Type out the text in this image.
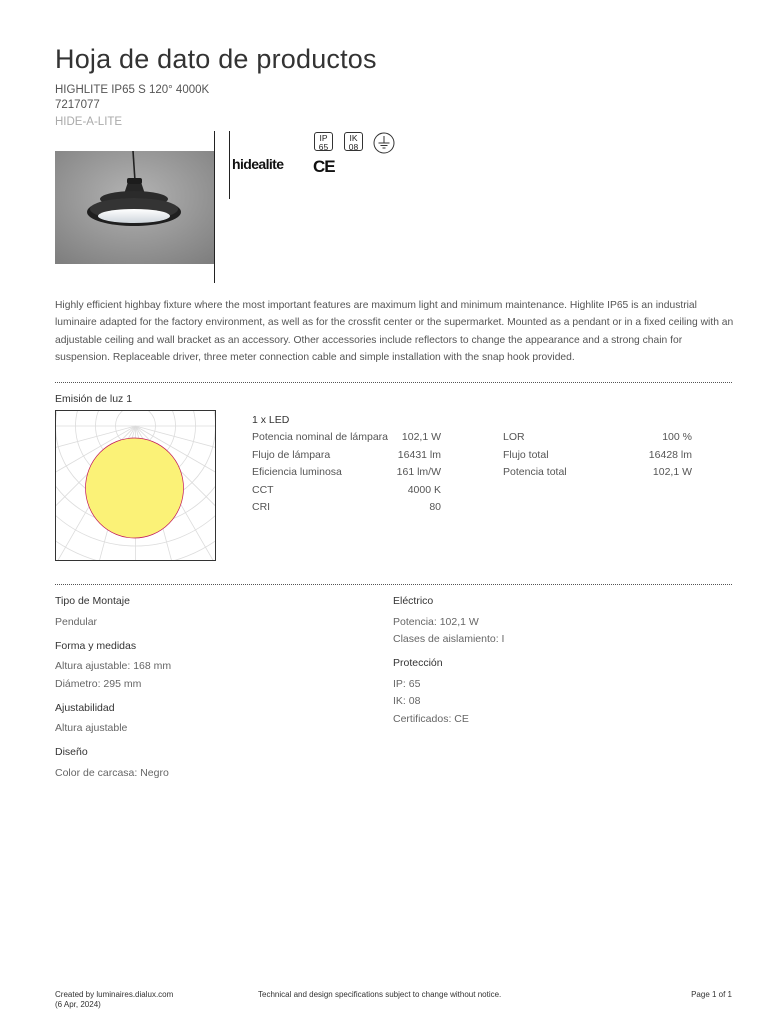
Hoja de dato de productos
HIGHLITE IP65 S 120° 4000K
7217077
HIDE-A-LITE
hidealite
IP
65
IK
08
CE

Highly efficient highbay fixture where the most important features are maximum light and minimum maintenance. Highlite IP65 is an industrial luminaire adapted for the factory environment, as well as for the crossfit center or the supermarket. Mounted as a pendant or in a fixed ceiling with an adjustable ceiling and wall bracket as an accessory. Other accessories include reflectors to change the appearance and a strong chain for suspension. Replaceable driver, three meter connection cable and simple installation with the snap hook provided.

Emisión de luz 1
1 x LED
Potencia nominal de lámpara 102,1 W
Flujo de lámpara	16431 lm
Eficiencia luminosa	161 lm/W
CCT	4000 K
CRI	80
LOR	100 %
Flujo total	16428 lm
Potencia total	102,1 W
Tipo de Montaje
Pendular
Forma y medidas
Altura ajustable: 168 mm
Diámetro: 295 mm
Ajustabilidad
Altura ajustable
Diseño
Color de carcasa: Negro
Eléctrico
Potencia: 102,1 W
Clases de aislamiento: I
Protección
IP: 65
IK: 08
Certificados: CE
Created by luminaires.dialux.com
(6 Apr, 2024)
Technical and design specifications subject to change without notice.	Page 1 of 1
